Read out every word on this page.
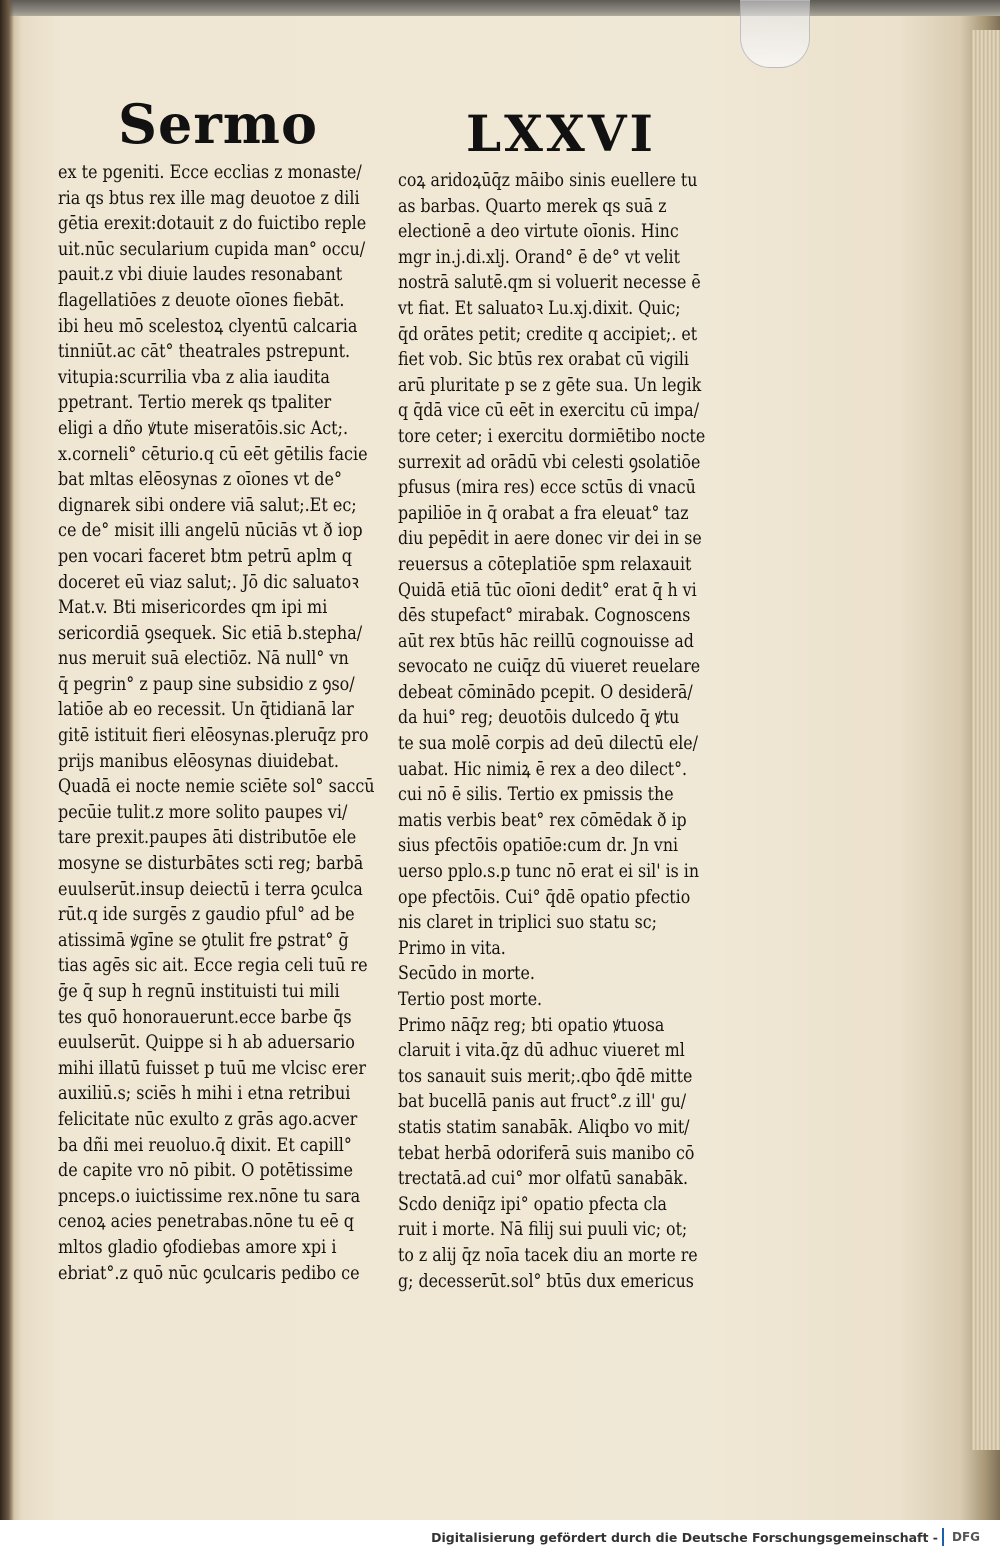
Sermo	LXXVI
ex te pgeniti. Ecce ecclias z monaste/
ria qs btus rex ille mag deuotoe z dili
gētia erexit:dotauit z do fuictibo reple
uit.nūc secularium cupida man° occu/
pauit.z vbi diuie laudes resonabant
flagellatiōes z deuote oīones fiebāt.
ibi heu mō scelestoꝝ clyentū calcaria
tinniūt.ac cāt° theatrales pstrepunt.
vitupia:scurrilia vba z alia iaudita
ppetrant. Tertio merek qs tpaliter
eligi a dño ꝟtute miseratōis.sic Act;.
x.corneli° cēturio.q cū eēt gētilis facie
bat mltas elēosynas z oīones vt de°
dignarek sibi ondere viā salut;.Et ec;
ce de° misit illi angelū nūciās vt ð iop
pen vocari faceret btm petrū aplm q
doceret eū viaz salut;. Jō dic saluatoꝛ
Mat.v. Bti misericordes qm ipi mi
sericordiā ꝯsequek. Sic etiā b.stepha/
nus meruit suā electiōz. Nā null° vn
q̄ pegrin° z paup sine subsidio z ꝯso/
latiōe ab eo recessit. Un q̄tidianā lar
gitē istituit fieri elēosynas.pleruq̄z pro
prijs manibus elēosynas diuidebat.
Quadā ei nocte nemie sciēte sol° saccū
pecūie tulit.z more solito paupes vi/
tare prexit.paupes āti distributōe ele
mosyne se disturbātes scti reg; barbā
euulserūt.insup deiectū i terra ꝯculca
rūt.q ide surgēs z gaudio pful° ad be
atissimā ꝟgīne se ꝯtulit fre ꝑstrat° ḡ
tias agēs sic ait. Ecce regia celi tuū re
ḡe q̄ sup h regnū instituisti tui mili
tes quō honorauerunt.ecce barbe q̄s
euulserūt. Quippe si h ab aduersario
mihi illatū fuisset p tuū me vlcisc erer
auxiliū.s; sciēs h mihi i etna retribui
felicitate nūc exulto z grās ago.acver
ba dñi mei reuoluo.q̄ dixit. Et capill°
de capite vro nō pibit. O potētissime
pnceps.o iuictissime rex.nōne tu sara
cenoꝝ acies penetrabas.nōne tu eē q
mltos gladio ꝯfodiebas amore xpi i
ebriat°.z quō nūc ꝯculcaris pedibo ce
coꝝ aridoꝝūq̄z māibo sinis euellere tu
as barbas. Quarto merek qs suā z
electionē a deo virtute oīonis. Hinc
mgr in.j.di.xlj. Orand° ē de° vt velit
nostrā salutē.qm si voluerit necesse ē
vt fiat. Et saluatoꝛ Lu.xj.dixit. Quic;
q̄d orātes petit; credite q accipiet;. et
fiet vob. Sic btūs rex orabat cū vigili
arū pluritate p se z gēte sua. Un legik
q q̄dā vice cū eēt in exercitu cū impa/
tore ceter; i exercitu dormiētibo nocte
surrexit ad orādū vbi celesti ꝯsolatiōe
pfusus (mira res) ecce sctūs di vnacū
papiliōe in q̄ orabat a fra eleuat° taz
diu pepēdit in aere donec vir dei in se
reuersus a cōteplatiōe spm relaxauit
Quidā etiā tūc oīoni dedit° erat q̄ h vi
dēs stupefact° mirabak. Cognoscens
aūt rex btūs hāc reillū cognouisse ad
sevocato ne cuiq̄z dū viueret reuelare
debeat cōminādo pcepit. O desiderā/
da hui° reg; deuotōis dulcedo q̄ ꝟtu
te sua molē corpis ad deū dilectū ele/
uabat. Hic nimiꝝ ē rex a deo dilect°.
cui nō ē silis. Tertio ex pmissis the
matis verbis beat° rex cōmēdak ð ip
sius pfectōis opatiōe:cum dr. Jn vni
uerso pplo.s.p tunc nō erat ei sil' is in
ope pfectōis. Cui° q̄dē opatio pfectio
nis claret in triplici suo statu sc;
Primo in vita.
Secūdo in morte.
Tertio post morte.
Primo nāq̄z reg; bti opatio ꝟtuosa
claruit i vita.q̄z dū adhuc viueret ml
tos sanauit suis merit;.qbo q̄dē mitte
bat bucellā panis aut fruct°.z ill' gu/
statis statim sanabāk. Aliqbo vo mit/
tebat herbā odoriferā suis manibo cō
trectatā.ad cui° mor olfatū sanabāk.
Scdo deniq̄z ipi° opatio pfecta cla
ruit i morte. Nā filij sui puuli vic; ot;
to z alij q̄z noīa tacek diu an morte re
g; decesserūt.sol° btūs dux emericus
Digitalisierung gefördert durch die Deutsche Forschungsgemeinschaft -	DFG
